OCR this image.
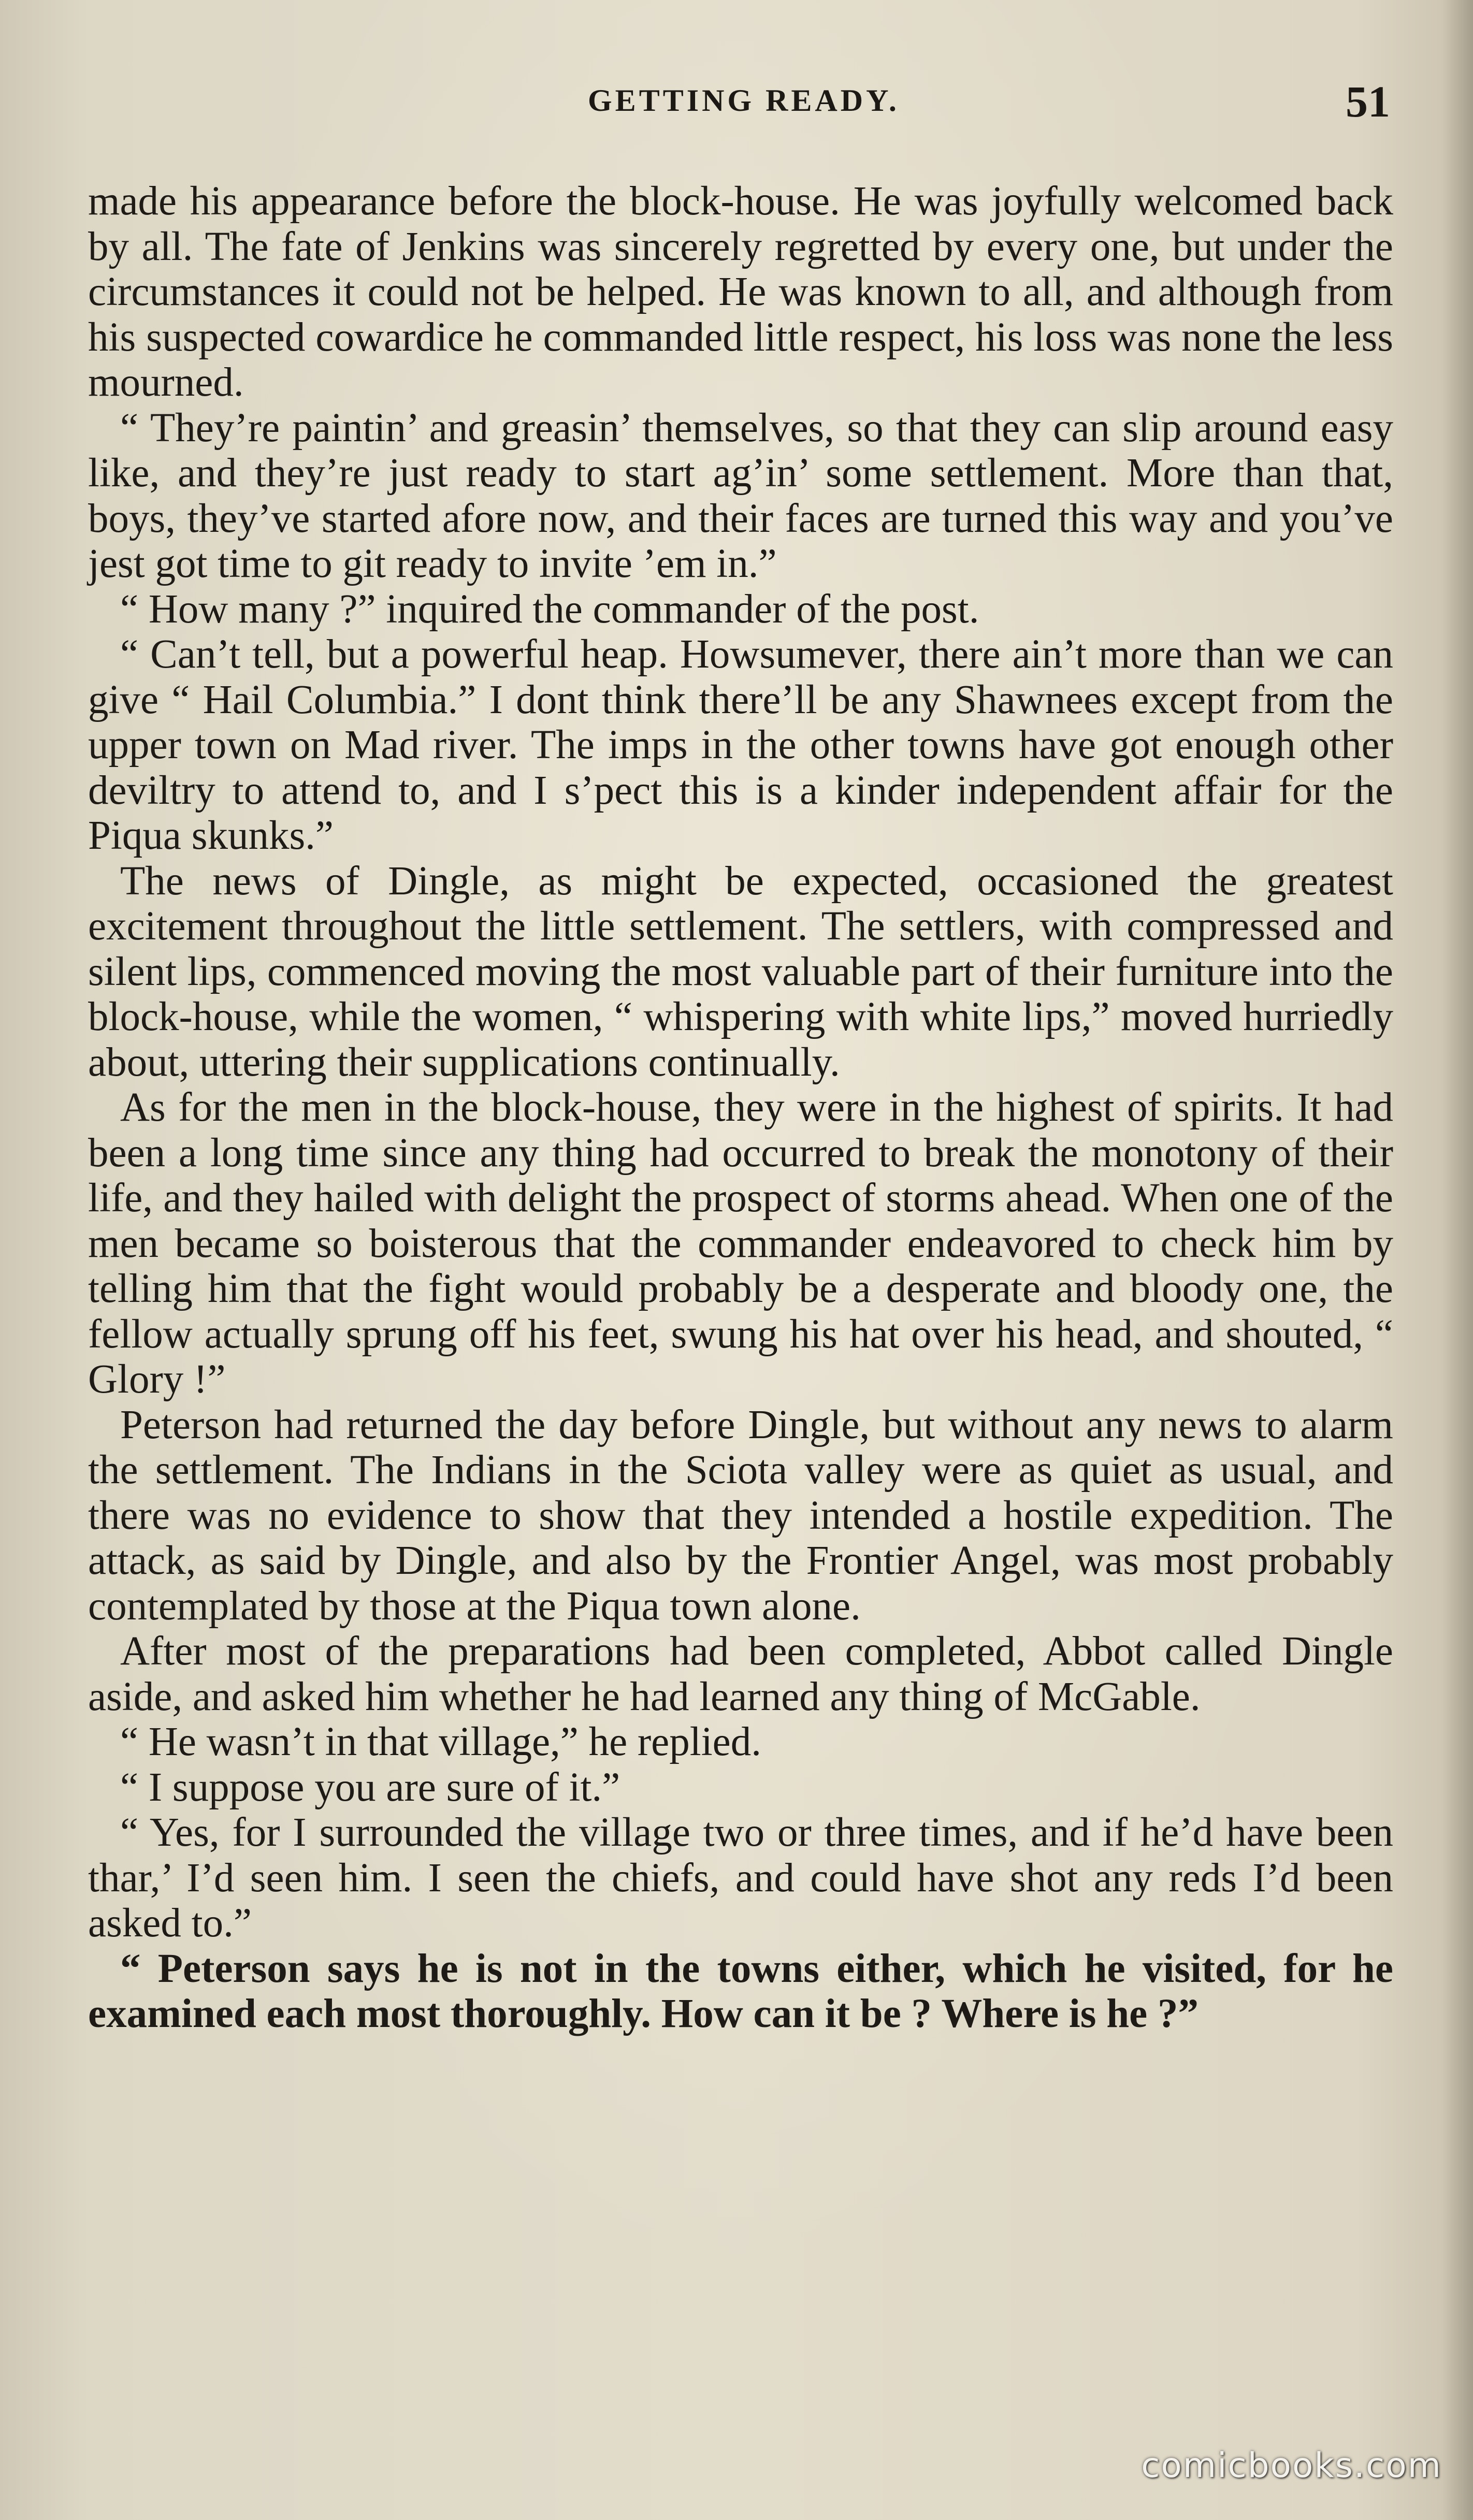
GETTING READY.	51

made his appearance before the block-house. He was joyfully welcomed back by all. The fate of Jenkins was sincerely regretted by every one, but under the circumstances it could not be helped. He was known to all, and although from his suspected cowardice he commanded little respect, his loss was none the less mourned.

“ They’re paintin’ and greasin’ themselves, so that they can slip around easy like, and they’re just ready to start ag’in’ some settlement. More than that, boys, they’ve started afore now, and their faces are turned this way and you’ve jest got time to git ready to invite ’em in.”

“ How many ?” inquired the commander of the post.

“ Can’t tell, but a powerful heap. Howsumever, there ain’t more than we can give “ Hail Columbia.” I dont think there’ll be any Shawnees except from the upper town on Mad river. The imps in the other towns have got enough other deviltry to attend to, and I s’pect this is a kinder independent affair for the Piqua skunks.”

The news of Dingle, as might be expected, occasioned the greatest excitement throughout the little settlement. The settlers, with compressed and silent lips, commenced moving the most valuable part of their furniture into the block-house, while the women, “ whispering with white lips,” moved hurriedly about, uttering their supplications continually.

As for the men in the block-house, they were in the highest of spirits. It had been a long time since any thing had occurred to break the monotony of their life, and they hailed with delight the prospect of storms ahead. When one of the men became so boisterous that the commander endeavored to check him by telling him that the fight would probably be a desperate and bloody one, the fellow actually sprung off his feet, swung his hat over his head, and shouted, “ Glory !”

Peterson had returned the day before Dingle, but without any news to alarm the settlement. The Indians in the Sciota valley were as quiet as usual, and there was no evidence to show that they intended a hostile expedition. The attack, as said by Dingle, and also by the Frontier Angel, was most probably contemplated by those at the Piqua town alone.

After most of the preparations had been completed, Abbot called Dingle aside, and asked him whether he had learned any thing of McGable.

“ He wasn’t in that village,” he replied.

“ I suppose you are sure of it.”

“ Yes, for I surrounded the village two or three times, and if he’d have been thar,’ I’d seen him. I seen the chiefs, and could have shot any reds I’d been asked to.”

“ Peterson says he is not in the towns either, which he visited, for he examined each most thoroughly. How can it be ? Where is he ?”

comicbooks.com
